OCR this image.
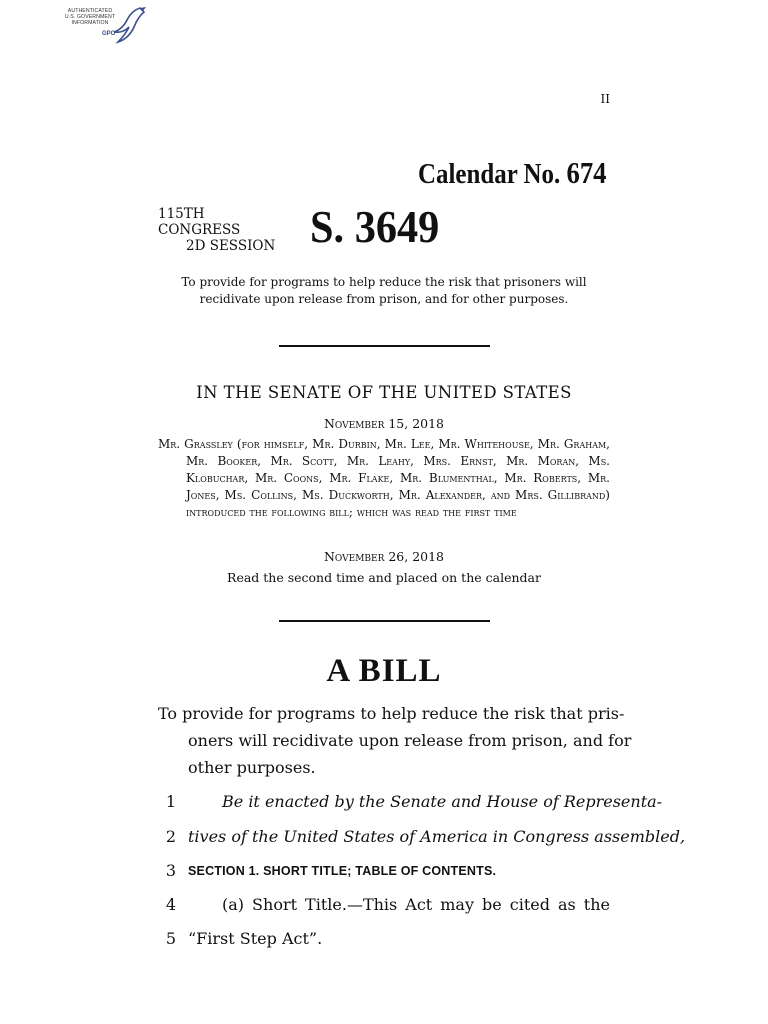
AUTHENTICATED
U.S. GOVERNMENT
INFORMATION
GPO
II
Calendar No. 674
115TH CONGRESS
2D SESSION S. 3649
To provide for programs to help reduce the risk that prisoners will recidivate upon release from prison, and for other purposes.
IN THE SENATE OF THE UNITED STATES
November 15, 2018

Mr. Grassley (for himself, Mr. Durbin, Mr. Lee, Mr. Whitehouse, Mr. Graham, Mr. Booker, Mr. Scott, Mr. Leahy, Mrs. Ernst, Mr. Moran, Ms. Klobuchar, Mr. Coons, Mr. Flake, Mr. Blumenthal, Mr. Roberts, Mr. Jones, Ms. Collins, Ms. Duckworth, Mr. Alexander, and Mrs. Gillibrand) introduced the following bill; which was read the first time

November 26, 2018
Read the second time and placed on the calendar
A BILL
To provide for programs to help reduce the risk that pris-
oners will recidivate upon release from prison, and for
other purposes.
1	Be it enacted by the Senate and House of Representa-
2 tives of the United States of America in Congress assembled,
3 SECTION 1. SHORT TITLE; TABLE OF CONTENTS.
4	(a) Short Title.—This Act may be cited as the
5 “First Step Act”.
